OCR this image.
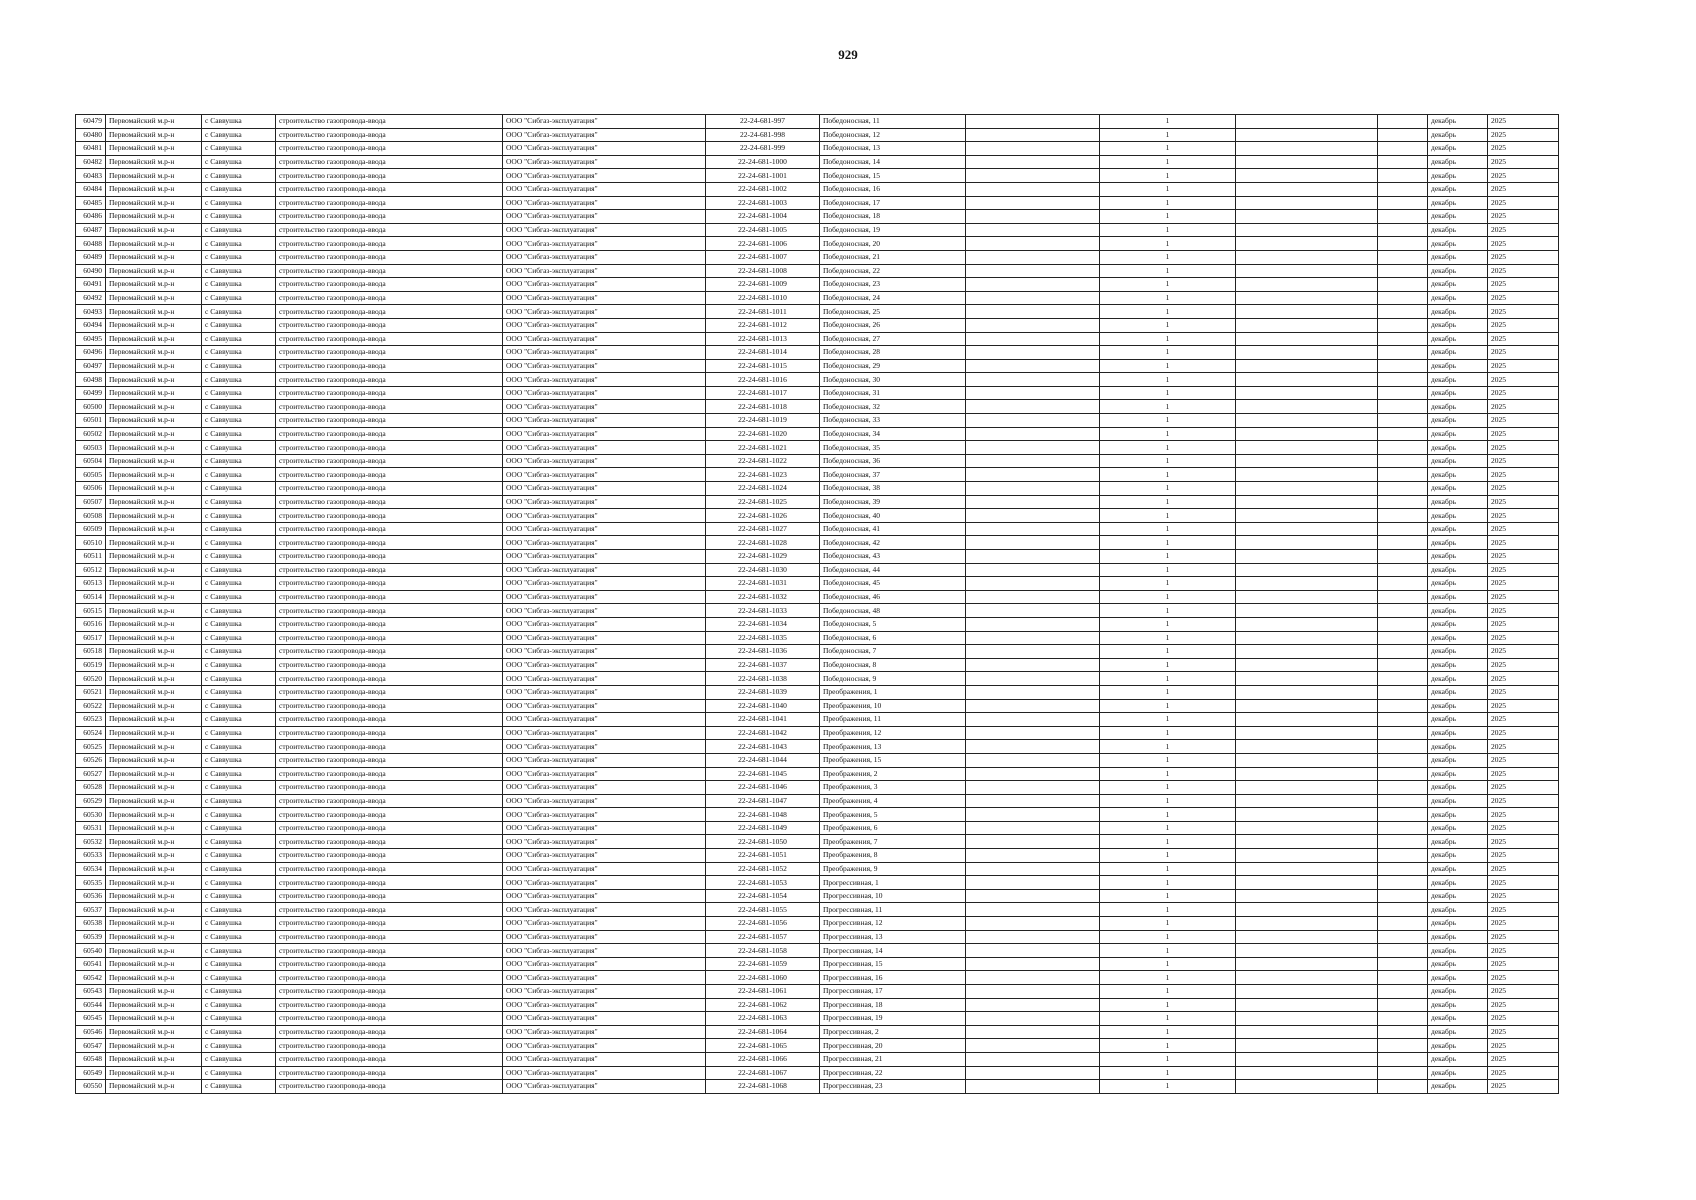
929
60479	Первомайский м.р-н	с Саввушка	строительство газопровода-ввода	ООО "Сибгаз-эксплуатация"	22-24-681-997	Победоносная, 11		1			декабрь	2025
60480	Первомайский м.р-н	с Саввушка	строительство газопровода-ввода	ООО "Сибгаз-эксплуатация"	22-24-681-998	Победоносная, 12		1			декабрь	2025
60481	Первомайский м.р-н	с Саввушка	строительство газопровода-ввода	ООО "Сибгаз-эксплуатация"	22-24-681-999	Победоносная, 13		1			декабрь	2025
60482	Первомайский м.р-н	с Саввушка	строительство газопровода-ввода	ООО "Сибгаз-эксплуатация"	22-24-681-1000	Победоносная, 14		1			декабрь	2025
60483	Первомайский м.р-н	с Саввушка	строительство газопровода-ввода	ООО "Сибгаз-эксплуатация"	22-24-681-1001	Победоносная, 15		1			декабрь	2025
60484	Первомайский м.р-н	с Саввушка	строительство газопровода-ввода	ООО "Сибгаз-эксплуатация"	22-24-681-1002	Победоносная, 16		1			декабрь	2025
60485	Первомайский м.р-н	с Саввушка	строительство газопровода-ввода	ООО "Сибгаз-эксплуатация"	22-24-681-1003	Победоносная, 17		1			декабрь	2025
60486	Первомайский м.р-н	с Саввушка	строительство газопровода-ввода	ООО "Сибгаз-эксплуатация"	22-24-681-1004	Победоносная, 18		1			декабрь	2025
60487	Первомайский м.р-н	с Саввушка	строительство газопровода-ввода	ООО "Сибгаз-эксплуатация"	22-24-681-1005	Победоносная, 19		1			декабрь	2025
60488	Первомайский м.р-н	с Саввушка	строительство газопровода-ввода	ООО "Сибгаз-эксплуатация"	22-24-681-1006	Победоносная, 20		1			декабрь	2025
60489	Первомайский м.р-н	с Саввушка	строительство газопровода-ввода	ООО "Сибгаз-эксплуатация"	22-24-681-1007	Победоносная, 21		1			декабрь	2025
60490	Первомайский м.р-н	с Саввушка	строительство газопровода-ввода	ООО "Сибгаз-эксплуатация"	22-24-681-1008	Победоносная, 22		1			декабрь	2025
60491	Первомайский м.р-н	с Саввушка	строительство газопровода-ввода	ООО "Сибгаз-эксплуатация"	22-24-681-1009	Победоносная, 23		1			декабрь	2025
60492	Первомайский м.р-н	с Саввушка	строительство газопровода-ввода	ООО "Сибгаз-эксплуатация"	22-24-681-1010	Победоносная, 24		1			декабрь	2025
60493	Первомайский м.р-н	с Саввушка	строительство газопровода-ввода	ООО "Сибгаз-эксплуатация"	22-24-681-1011	Победоносная, 25		1			декабрь	2025
60494	Первомайский м.р-н	с Саввушка	строительство газопровода-ввода	ООО "Сибгаз-эксплуатация"	22-24-681-1012	Победоносная, 26		1			декабрь	2025
60495	Первомайский м.р-н	с Саввушка	строительство газопровода-ввода	ООО "Сибгаз-эксплуатация"	22-24-681-1013	Победоносная, 27		1			декабрь	2025
60496	Первомайский м.р-н	с Саввушка	строительство газопровода-ввода	ООО "Сибгаз-эксплуатация"	22-24-681-1014	Победоносная, 28		1			декабрь	2025
60497	Первомайский м.р-н	с Саввушка	строительство газопровода-ввода	ООО "Сибгаз-эксплуатация"	22-24-681-1015	Победоносная, 29		1			декабрь	2025
60498	Первомайский м.р-н	с Саввушка	строительство газопровода-ввода	ООО "Сибгаз-эксплуатация"	22-24-681-1016	Победоносная, 30		1			декабрь	2025
60499	Первомайский м.р-н	с Саввушка	строительство газопровода-ввода	ООО "Сибгаз-эксплуатация"	22-24-681-1017	Победоносная, 31		1			декабрь	2025
60500	Первомайский м.р-н	с Саввушка	строительство газопровода-ввода	ООО "Сибгаз-эксплуатация"	22-24-681-1018	Победоносная, 32		1			декабрь	2025
60501	Первомайский м.р-н	с Саввушка	строительство газопровода-ввода	ООО "Сибгаз-эксплуатация"	22-24-681-1019	Победоносная, 33		1			декабрь	2025
60502	Первомайский м.р-н	с Саввушка	строительство газопровода-ввода	ООО "Сибгаз-эксплуатация"	22-24-681-1020	Победоносная, 34		1			декабрь	2025
60503	Первомайский м.р-н	с Саввушка	строительство газопровода-ввода	ООО "Сибгаз-эксплуатация"	22-24-681-1021	Победоносная, 35		1			декабрь	2025
60504	Первомайский м.р-н	с Саввушка	строительство газопровода-ввода	ООО "Сибгаз-эксплуатация"	22-24-681-1022	Победоносная, 36		1			декабрь	2025
60505	Первомайский м.р-н	с Саввушка	строительство газопровода-ввода	ООО "Сибгаз-эксплуатация"	22-24-681-1023	Победоносная, 37		1			декабрь	2025
60506	Первомайский м.р-н	с Саввушка	строительство газопровода-ввода	ООО "Сибгаз-эксплуатация"	22-24-681-1024	Победоносная, 38		1			декабрь	2025
60507	Первомайский м.р-н	с Саввушка	строительство газопровода-ввода	ООО "Сибгаз-эксплуатация"	22-24-681-1025	Победоносная, 39		1			декабрь	2025
60508	Первомайский м.р-н	с Саввушка	строительство газопровода-ввода	ООО "Сибгаз-эксплуатация"	22-24-681-1026	Победоносная, 40		1			декабрь	2025
60509	Первомайский м.р-н	с Саввушка	строительство газопровода-ввода	ООО "Сибгаз-эксплуатация"	22-24-681-1027	Победоносная, 41		1			декабрь	2025
60510	Первомайский м.р-н	с Саввушка	строительство газопровода-ввода	ООО "Сибгаз-эксплуатация"	22-24-681-1028	Победоносная, 42		1			декабрь	2025
60511	Первомайский м.р-н	с Саввушка	строительство газопровода-ввода	ООО "Сибгаз-эксплуатация"	22-24-681-1029	Победоносная, 43		1			декабрь	2025
60512	Первомайский м.р-н	с Саввушка	строительство газопровода-ввода	ООО "Сибгаз-эксплуатация"	22-24-681-1030	Победоносная, 44		1			декабрь	2025
60513	Первомайский м.р-н	с Саввушка	строительство газопровода-ввода	ООО "Сибгаз-эксплуатация"	22-24-681-1031	Победоносная, 45		1			декабрь	2025
60514	Первомайский м.р-н	с Саввушка	строительство газопровода-ввода	ООО "Сибгаз-эксплуатация"	22-24-681-1032	Победоносная, 46		1			декабрь	2025
60515	Первомайский м.р-н	с Саввушка	строительство газопровода-ввода	ООО "Сибгаз-эксплуатация"	22-24-681-1033	Победоносная, 48		1			декабрь	2025
60516	Первомайский м.р-н	с Саввушка	строительство газопровода-ввода	ООО "Сибгаз-эксплуатация"	22-24-681-1034	Победоносная, 5		1			декабрь	2025
60517	Первомайский м.р-н	с Саввушка	строительство газопровода-ввода	ООО "Сибгаз-эксплуатация"	22-24-681-1035	Победоносная, 6		1			декабрь	2025
60518	Первомайский м.р-н	с Саввушка	строительство газопровода-ввода	ООО "Сибгаз-эксплуатация"	22-24-681-1036	Победоносная, 7		1			декабрь	2025
60519	Первомайский м.р-н	с Саввушка	строительство газопровода-ввода	ООО "Сибгаз-эксплуатация"	22-24-681-1037	Победоносная, 8		1			декабрь	2025
60520	Первомайский м.р-н	с Саввушка	строительство газопровода-ввода	ООО "Сибгаз-эксплуатация"	22-24-681-1038	Победоносная, 9		1			декабрь	2025
60521	Первомайский м.р-н	с Саввушка	строительство газопровода-ввода	ООО "Сибгаз-эксплуатация"	22-24-681-1039	Преображения, 1		1			декабрь	2025
60522	Первомайский м.р-н	с Саввушка	строительство газопровода-ввода	ООО "Сибгаз-эксплуатация"	22-24-681-1040	Преображения, 10		1			декабрь	2025
60523	Первомайский м.р-н	с Саввушка	строительство газопровода-ввода	ООО "Сибгаз-эксплуатация"	22-24-681-1041	Преображения, 11		1			декабрь	2025
60524	Первомайский м.р-н	с Саввушка	строительство газопровода-ввода	ООО "Сибгаз-эксплуатация"	22-24-681-1042	Преображения, 12		1			декабрь	2025
60525	Первомайский м.р-н	с Саввушка	строительство газопровода-ввода	ООО "Сибгаз-эксплуатация"	22-24-681-1043	Преображения, 13		1			декабрь	2025
60526	Первомайский м.р-н	с Саввушка	строительство газопровода-ввода	ООО "Сибгаз-эксплуатация"	22-24-681-1044	Преображения, 15		1			декабрь	2025
60527	Первомайский м.р-н	с Саввушка	строительство газопровода-ввода	ООО "Сибгаз-эксплуатация"	22-24-681-1045	Преображения, 2		1			декабрь	2025
60528	Первомайский м.р-н	с Саввушка	строительство газопровода-ввода	ООО "Сибгаз-эксплуатация"	22-24-681-1046	Преображения, 3		1			декабрь	2025
60529	Первомайский м.р-н	с Саввушка	строительство газопровода-ввода	ООО "Сибгаз-эксплуатация"	22-24-681-1047	Преображения, 4		1			декабрь	2025
60530	Первомайский м.р-н	с Саввушка	строительство газопровода-ввода	ООО "Сибгаз-эксплуатация"	22-24-681-1048	Преображения, 5		1			декабрь	2025
60531	Первомайский м.р-н	с Саввушка	строительство газопровода-ввода	ООО "Сибгаз-эксплуатация"	22-24-681-1049	Преображения, 6		1			декабрь	2025
60532	Первомайский м.р-н	с Саввушка	строительство газопровода-ввода	ООО "Сибгаз-эксплуатация"	22-24-681-1050	Преображения, 7		1			декабрь	2025
60533	Первомайский м.р-н	с Саввушка	строительство газопровода-ввода	ООО "Сибгаз-эксплуатация"	22-24-681-1051	Преображения, 8		1			декабрь	2025
60534	Первомайский м.р-н	с Саввушка	строительство газопровода-ввода	ООО "Сибгаз-эксплуатация"	22-24-681-1052	Преображения, 9		1			декабрь	2025
60535	Первомайский м.р-н	с Саввушка	строительство газопровода-ввода	ООО "Сибгаз-эксплуатация"	22-24-681-1053	Прогрессивная, 1		1			декабрь	2025
60536	Первомайский м.р-н	с Саввушка	строительство газопровода-ввода	ООО "Сибгаз-эксплуатация"	22-24-681-1054	Прогрессивная, 10		1			декабрь	2025
60537	Первомайский м.р-н	с Саввушка	строительство газопровода-ввода	ООО "Сибгаз-эксплуатация"	22-24-681-1055	Прогрессивная, 11		1			декабрь	2025
60538	Первомайский м.р-н	с Саввушка	строительство газопровода-ввода	ООО "Сибгаз-эксплуатация"	22-24-681-1056	Прогрессивная, 12		1			декабрь	2025
60539	Первомайский м.р-н	с Саввушка	строительство газопровода-ввода	ООО "Сибгаз-эксплуатация"	22-24-681-1057	Прогрессивная, 13		1			декабрь	2025
60540	Первомайский м.р-н	с Саввушка	строительство газопровода-ввода	ООО "Сибгаз-эксплуатация"	22-24-681-1058	Прогрессивная, 14		1			декабрь	2025
60541	Первомайский м.р-н	с Саввушка	строительство газопровода-ввода	ООО "Сибгаз-эксплуатация"	22-24-681-1059	Прогрессивная, 15		1			декабрь	2025
60542	Первомайский м.р-н	с Саввушка	строительство газопровода-ввода	ООО "Сибгаз-эксплуатация"	22-24-681-1060	Прогрессивная, 16		1			декабрь	2025
60543	Первомайский м.р-н	с Саввушка	строительство газопровода-ввода	ООО "Сибгаз-эксплуатация"	22-24-681-1061	Прогрессивная, 17		1			декабрь	2025
60544	Первомайский м.р-н	с Саввушка	строительство газопровода-ввода	ООО "Сибгаз-эксплуатация"	22-24-681-1062	Прогрессивная, 18		1			декабрь	2025
60545	Первомайский м.р-н	с Саввушка	строительство газопровода-ввода	ООО "Сибгаз-эксплуатация"	22-24-681-1063	Прогрессивная, 19		1			декабрь	2025
60546	Первомайский м.р-н	с Саввушка	строительство газопровода-ввода	ООО "Сибгаз-эксплуатация"	22-24-681-1064	Прогрессивная, 2		1			декабрь	2025
60547	Первомайский м.р-н	с Саввушка	строительство газопровода-ввода	ООО "Сибгаз-эксплуатация"	22-24-681-1065	Прогрессивная, 20		1			декабрь	2025
60548	Первомайский м.р-н	с Саввушка	строительство газопровода-ввода	ООО "Сибгаз-эксплуатация"	22-24-681-1066	Прогрессивная, 21		1			декабрь	2025
60549	Первомайский м.р-н	с Саввушка	строительство газопровода-ввода	ООО "Сибгаз-эксплуатация"	22-24-681-1067	Прогрессивная, 22		1			декабрь	2025
60550	Первомайский м.р-н	с Саввушка	строительство газопровода-ввода	ООО "Сибгаз-эксплуатация"	22-24-681-1068	Прогрессивная, 23		1			декабрь	2025
